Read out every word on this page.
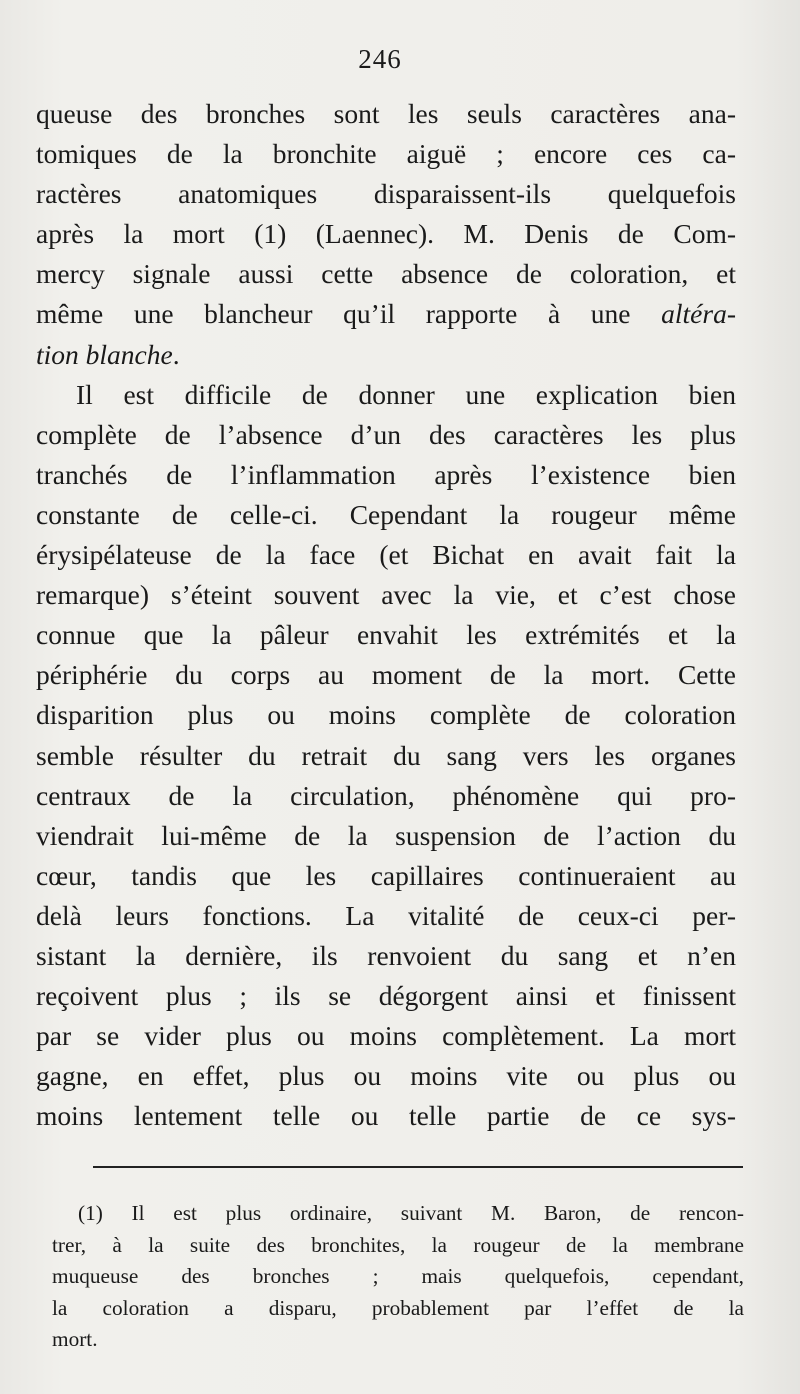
246
queuse des bronches sont les seuls caractères ana-
tomiques de la bronchite aiguë ; encore ces ca-
ractères anatomiques disparaissent-ils quelquefois
après la mort (1) (Laennec). M. Denis de Com-
mercy signale aussi cette absence de coloration, et
même une blancheur qu’il rapporte à une altéra-
tion blanche.
Il est difficile de donner une explication bien
complète de l’absence d’un des caractères les plus
tranchés de l’inflammation après l’existence bien
constante de celle-ci. Cependant la rougeur même
érysipélateuse de la face (et Bichat en avait fait la
remarque) s’éteint souvent avec la vie, et c’est chose
connue que la pâleur envahit les extrémités et la
périphérie du corps au moment de la mort. Cette
disparition plus ou moins complète de coloration
semble résulter du retrait du sang vers les organes
centraux de la circulation, phénomène qui pro-
viendrait lui-même de la suspension de l’action du
cœur, tandis que les capillaires continueraient au
delà leurs fonctions. La vitalité de ceux-ci per-
sistant la dernière, ils renvoient du sang et n’en
reçoivent plus ; ils se dégorgent ainsi et finissent
par se vider plus ou moins complètement. La mort
gagne, en effet, plus ou moins vite ou plus ou
moins lentement telle ou telle partie de ce sys-
(1) Il est plus ordinaire, suivant M. Baron, de rencon-
trer, à la suite des bronchites, la rougeur de la membrane
muqueuse des bronches ; mais quelquefois, cependant,
la coloration a disparu, probablement par l’effet de la
mort.
